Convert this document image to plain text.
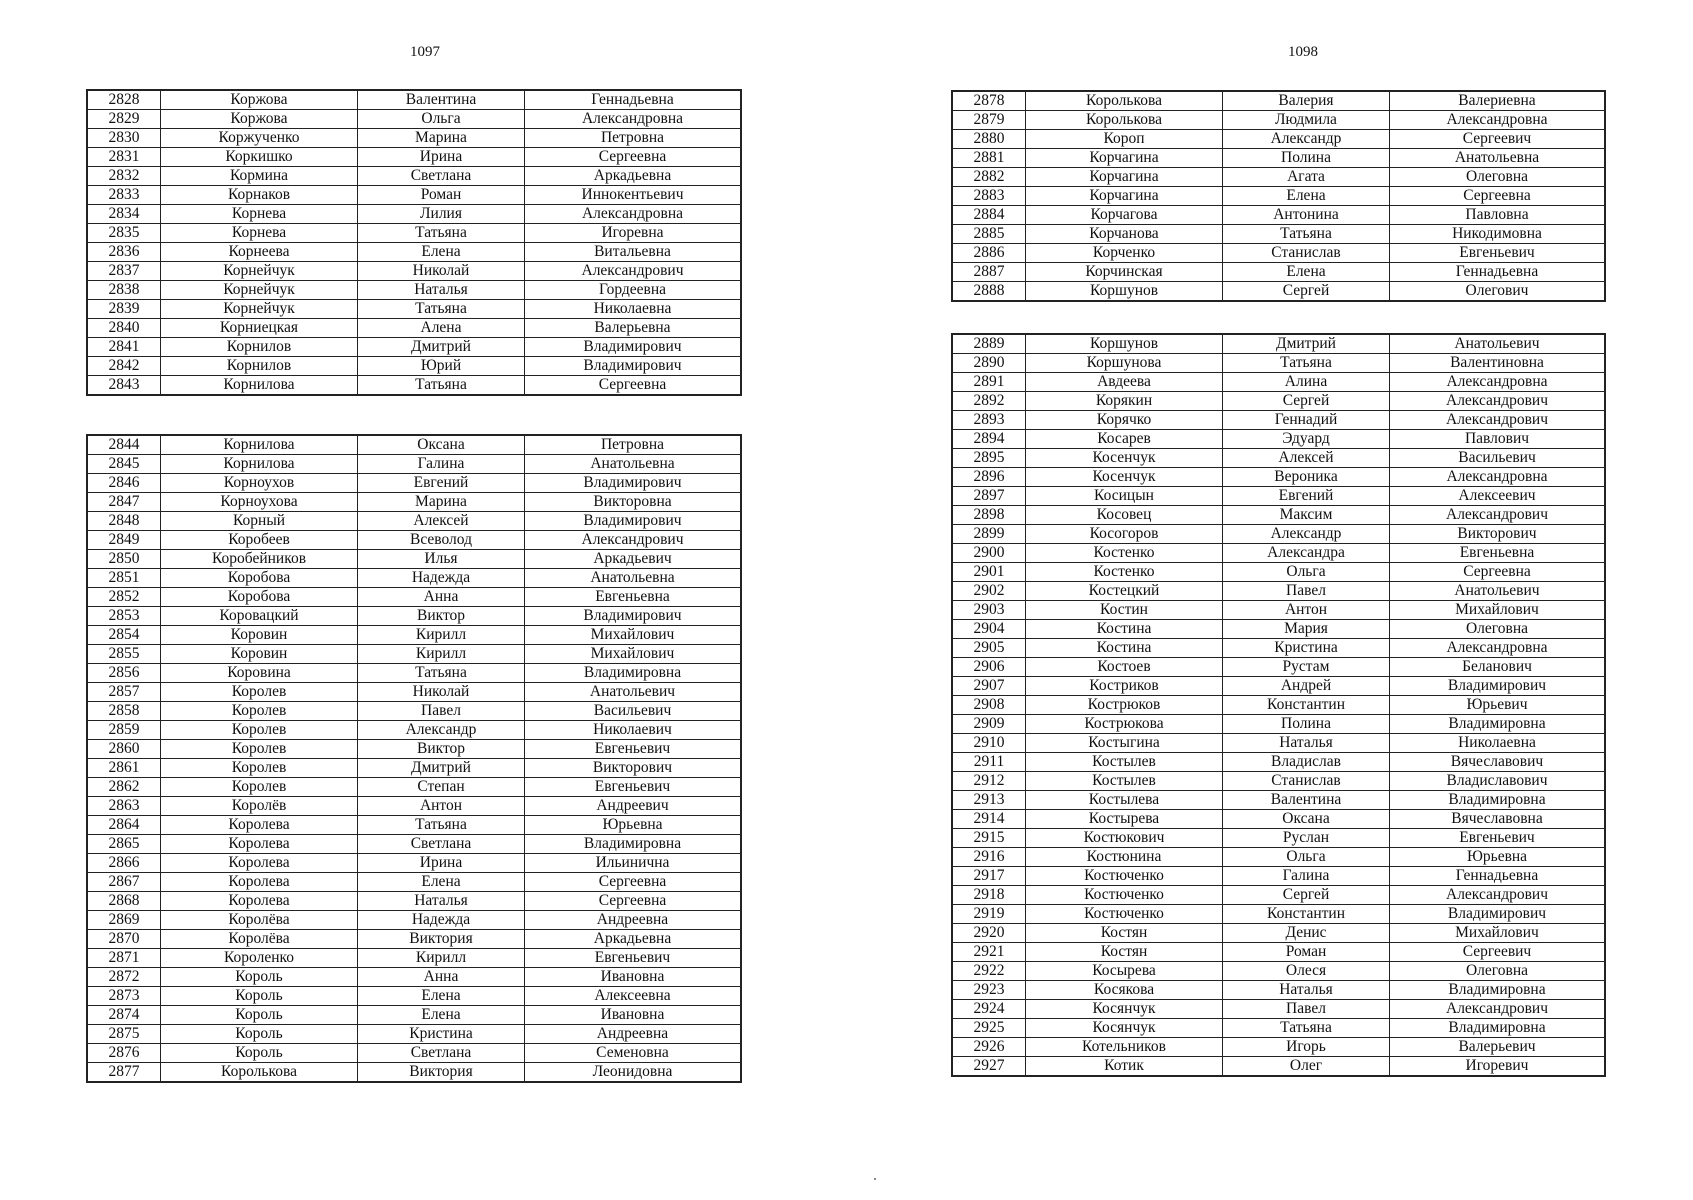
1097
2828	Коржова	Валентина	Геннадьевна
2829	Коржова	Ольга	Александровна
2830	Коржученко	Марина	Петровна
2831	Коркишко	Ирина	Сергеевна
2832	Кормина	Светлана	Аркадьевна
2833	Корнаков	Роман	Иннокентьевич
2834	Корнева	Лилия	Александровна
2835	Корнева	Татьяна	Игоревна
2836	Корнеева	Елена	Витальевна
2837	Корнейчук	Николай	Александрович
2838	Корнейчук	Наталья	Гордеевна
2839	Корнейчук	Татьяна	Николаевна
2840	Корниецкая	Алена	Валерьевна
2841	Корнилов	Дмитрий	Владимирович
2842	Корнилов	Юрий	Владимирович
2843	Корнилова	Татьяна	Сергеевна
2844	Корнилова	Оксана	Петровна
2845	Корнилова	Галина	Анатольевна
2846	Корноухов	Евгений	Владимирович
2847	Корноухова	Марина	Викторовна
2848	Корный	Алексей	Владимирович
2849	Коробеев	Всеволод	Александрович
2850	Коробейников	Илья	Аркадьевич
2851	Коробова	Надежда	Анатольевна
2852	Коробова	Анна	Евгеньевна
2853	Коровацкий	Виктор	Владимирович
2854	Коровин	Кирилл	Михайлович
2855	Коровин	Кирилл	Михайлович
2856	Коровина	Татьяна	Владимировна
2857	Королев	Николай	Анатольевич
2858	Королев	Павел	Васильевич
2859	Королев	Александр	Николаевич
2860	Королев	Виктор	Евгеньевич
2861	Королев	Дмитрий	Викторович
2862	Королев	Степан	Евгеньевич
2863	Королёв	Антон	Андреевич
2864	Королева	Татьяна	Юрьевна
2865	Королева	Светлана	Владимировна
2866	Королева	Ирина	Ильинична
2867	Королева	Елена	Сергеевна
2868	Королева	Наталья	Сергеевна
2869	Королёва	Надежда	Андреевна
2870	Королёва	Виктория	Аркадьевна
2871	Короленко	Кирилл	Евгеньевич
2872	Король	Анна	Ивановна
2873	Король	Елена	Алексеевна
2874	Король	Елена	Ивановна
2875	Король	Кристина	Андреевна
2876	Король	Светлана	Семеновна
2877	Королькова	Виктория	Леонидовна
1098
2878	Королькова	Валерия	Валериевна
2879	Королькова	Людмила	Александровна
2880	Короп	Александр	Сергеевич
2881	Корчагина	Полина	Анатольевна
2882	Корчагина	Агата	Олеговна
2883	Корчагина	Елена	Сергеевна
2884	Корчагова	Антонина	Павловна
2885	Корчанова	Татьяна	Никодимовна
2886	Корченко	Станислав	Евгеньевич
2887	Корчинская	Елена	Геннадьевна
2888	Коршунов	Сергей	Олегович
2889	Коршунов	Дмитрий	Анатольевич
2890	Коршунова	Татьяна	Валентиновна
2891	Авдеева	Алина	Александровна
2892	Корякин	Сергей	Александрович
2893	Корячко	Геннадий	Александрович
2894	Косарев	Эдуард	Павлович
2895	Косенчук	Алексей	Васильевич
2896	Косенчук	Вероника	Александровна
2897	Косицын	Евгений	Алексеевич
2898	Косовец	Максим	Александрович
2899	Косогоров	Александр	Викторович
2900	Костенко	Александра	Евгеньевна
2901	Костенко	Ольга	Сергеевна
2902	Костецкий	Павел	Анатольевич
2903	Костин	Антон	Михайлович
2904	Костина	Мария	Олеговна
2905	Костина	Кристина	Александровна
2906	Костоев	Рустам	Беланович
2907	Костриков	Андрей	Владимирович
2908	Кострюков	Константин	Юрьевич
2909	Кострюкова	Полина	Владимировна
2910	Костыгина	Наталья	Николаевна
2911	Костылев	Владислав	Вячеславович
2912	Костылев	Станислав	Владиславович
2913	Костылева	Валентина	Владимировна
2914	Костырева	Оксана	Вячеславовна
2915	Костюкович	Руслан	Евгеньевич
2916	Костюнина	Ольга	Юрьевна
2917	Костюченко	Галина	Геннадьевна
2918	Костюченко	Сергей	Александрович
2919	Костюченко	Константин	Владимирович
2920	Костян	Денис	Михайлович
2921	Костян	Роман	Сергеевич
2922	Косырева	Олеся	Олеговна
2923	Косякова	Наталья	Владимировна
2924	Косянчук	Павел	Александрович
2925	Косянчук	Татьяна	Владимировна
2926	Котельников	Игорь	Валерьевич
2927	Котик	Олег	Игоревич
